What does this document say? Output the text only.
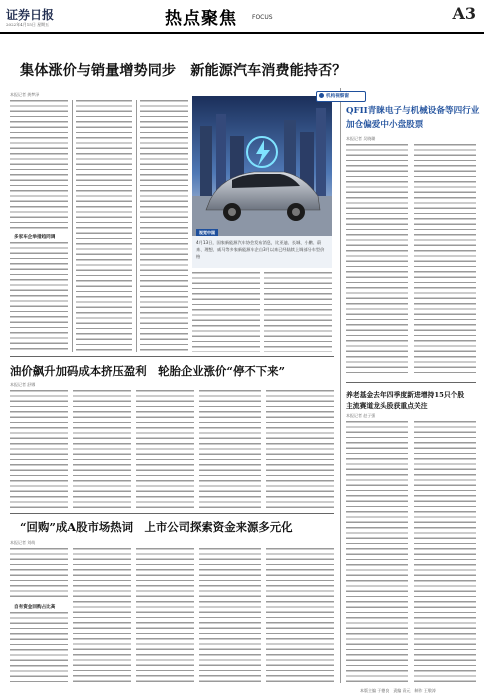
证券日报
2022年4月15日 星期五	热点聚焦	FOCUS	A3
集体涨价与销量增势同步　新能源汽车消费能持否？
本报记者 龚梦泽
多家车企举措趋同调
视觉中国
4月13日，国家新能源汽车协会发布消息，比亚迪、长城、小鹏、蔚来、理想、威马等多家新能源车企自3月以来已经陆续上调部分车型价格
油价飙升加码成本挤压盈利　轮胎企业涨价“停不下来”
本报记者 舒娜
“回购”成A股市场热词　上市公司探索资金来源多元化
本报记者 刘萌
自有资金回购占比高
机构视察窗
QFII青睐电子与机械设备等四行业
加仓偏爱中小盘股票
本报记者 吴晓璐
养老基金去年四季度新进增持15只个股
主流赛道龙头股获重点关注
本报记者 赵子强
本版主编 于德良　责编 袁元　制作 王敬涛
